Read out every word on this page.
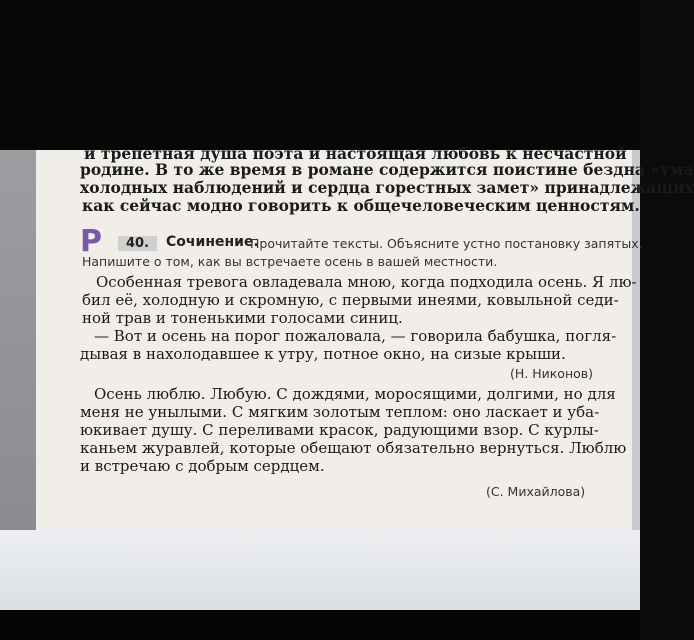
и трепетная душа поэта и настоящая любовь к несчастной
родине. В то же время в романе содержится поистине бездна «ума
холодных наблюдений и сердца горестных замет» принадлежащих
как сейчас модно говорить к общечеловеческим ценностям.
Р	40.	Сочинение.
Прочитайте тексты. Объясните устно постановку запятых.
Напишите о том, как вы встречаете осень в вашей местности.
Особенная тревога овладевала мною, когда подходила осень. Я лю-
бил её, холодную и скромную, с первыми инеями, ковыльной седи-
ной трав и тоненькими голосами синиц.
— Вот и осень на порог пожаловала, — говорила бабушка, погля-
дывая в нахолодавшее к утру, потное окно, на сизые крыши.
(Н. Никонов)
Осень люблю. Любую. С дождями, моросящими, долгими, но для
меня не унылыми. С мягким золотым теплом: оно ласкает и уба-
юкивает душу. С переливами красок, радующими взор. С курлы-
каньем журавлей, которые обещают обязательно вернуться. Люблю
и встречаю с добрым сердцем.
(С. Михайлова)
